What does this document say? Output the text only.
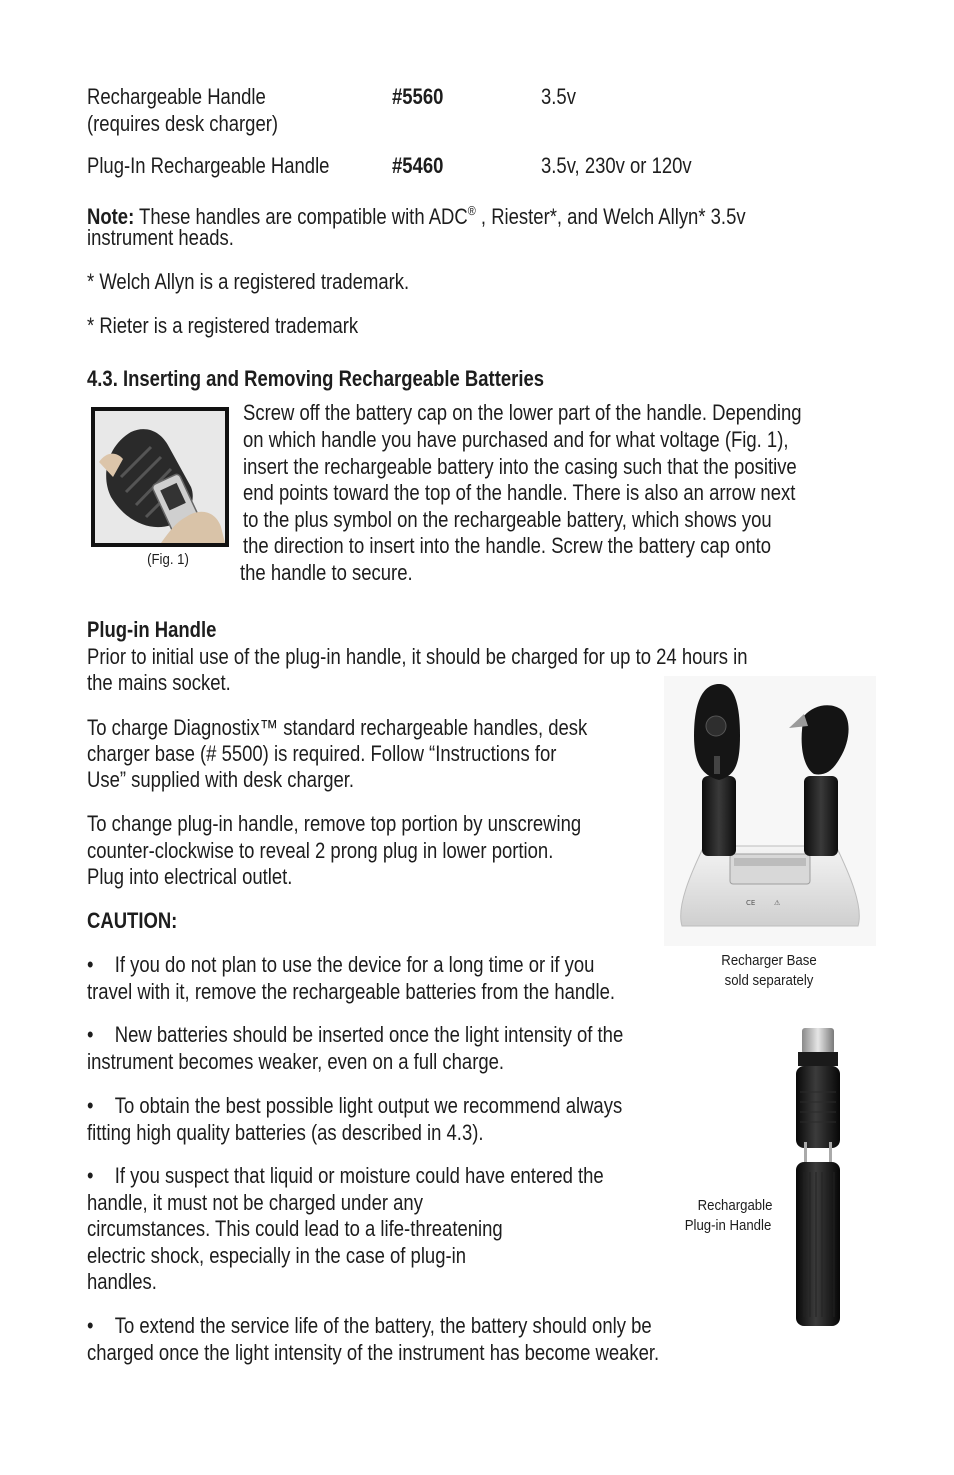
Rechargeable Handle
(requires desk charger)
#5560	3.5v
Plug-In Rechargeable Handle	#5460	3.5v, 230v or 120v
Note: These handles are compatible with ADC® , Riester*, and Welch Allyn* 3.5v
instrument heads.
* Welch Allyn is a registered trademark.
* Rieter is a registered trademark
4.3. Inserting and Removing Rechargeable Batteries
(Fig. 1)
Screw off the battery cap on the lower part of the handle. Depending
on which handle you have purchased and for what voltage (Fig. 1),
insert the rechargeable battery into the casing such that the positive
end points toward the top of the handle. There is also an arrow next
to the plus symbol on the rechargeable battery, which shows you
the direction to insert into the handle. Screw the battery cap onto
the handle to secure.
Plug-in Handle
Prior to initial use of the plug-in handle, it should be charged for up to 24 hours in
the mains socket.
To charge Diagnostix™ standard rechargeable handles, desk
charger base (# 5500) is required. Follow “Instructions for
Use” supplied with desk charger.
To change plug-in handle, remove top portion by unscrewing
counter-clockwise to reveal 2 prong plug in lower portion.
Plug into electrical outlet.
CE	⚠
Recharger Base
sold separately
CAUTION:
• If you do not plan to use the device for a long time or if you
travel with it, remove the rechargeable batteries from the handle.
• New batteries should be inserted once the light intensity of the
instrument becomes weaker, even on a full charge.
• To obtain the best possible light output we recommend always
fitting high quality batteries (as described in 4.3).
• If you suspect that liquid or moisture could have entered the
handle, it must not be charged under any
circumstances. This could lead to a life-threatening
electric shock, especially in the case of plug-in
handles.
• To extend the service life of the battery, the battery should only be
charged once the light intensity of the instrument has become weaker.
Rechargable
Plug-in Handle
